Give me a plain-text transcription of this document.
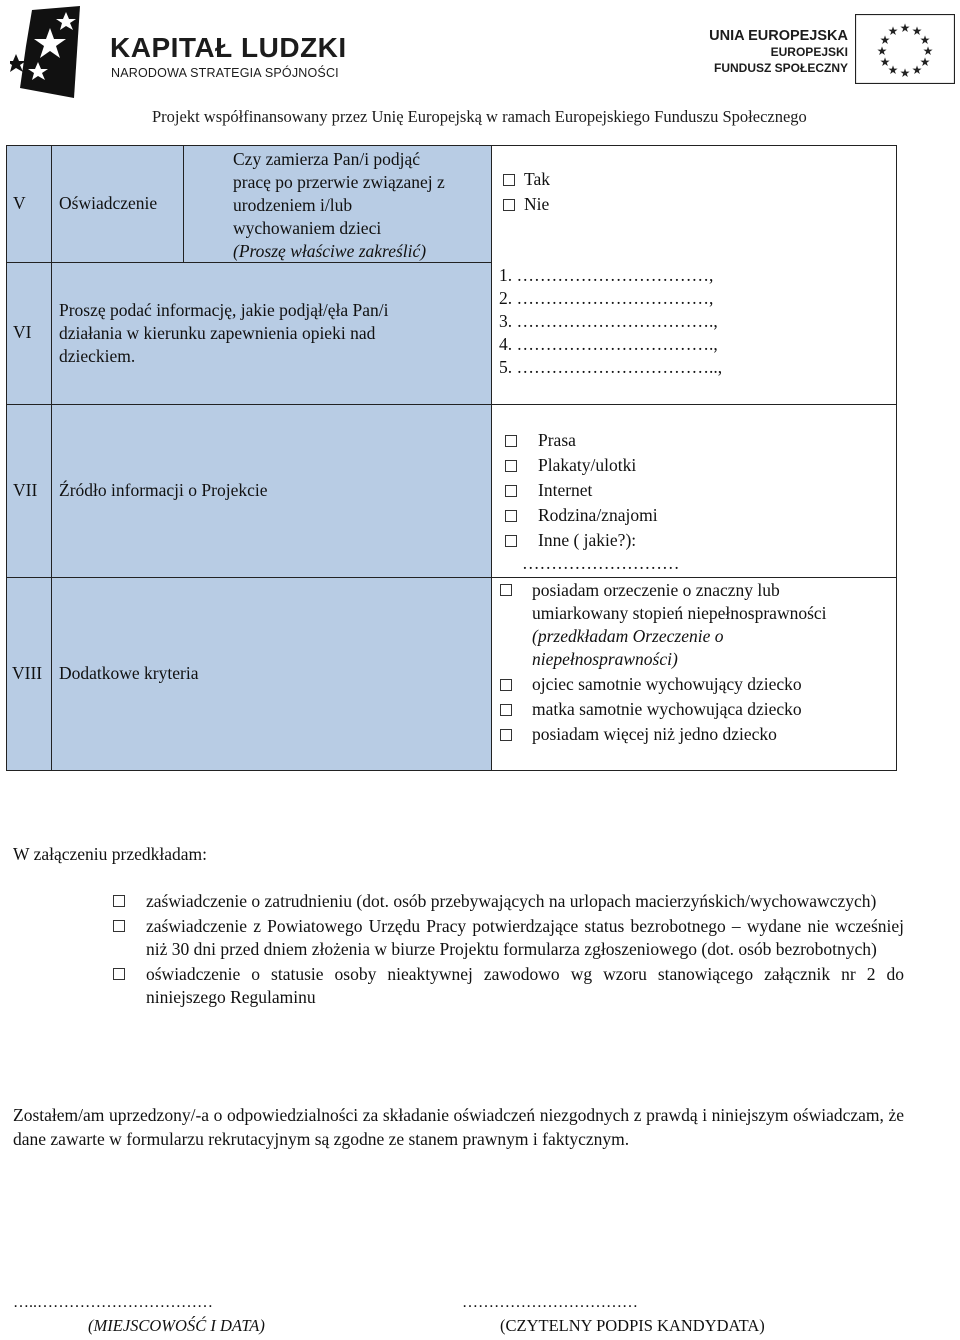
KAPITAŁ LUDZKI
NARODOWA STRATEGIA SPÓJNOŚCI
UNIA EUROPEJSKA
EUROPEJSKI
FUNDUSZ SPOŁECZNY
★ ★
★
★
★
★
★
★
★
★
★
★
Projekt współfinansowany przez Unię Europejską w ramach Europejskiego Funduszu Społecznego
V Oświadczenie
Czy zamierza Pan/i podjąć
pracę po przerwie związanej z
urodzeniem i/lub
wychowaniem dzieci
(Proszę właściwe zakreślić)
VI
Proszę podać informację, jakie podjął/ęła Pan/i
działania w kierunku zapewnienia opieki nad
dzieckiem.
Tak
Nie
1. ……………………………,
2. ……………………………,
3. …………………………….,
4. …………………………….,
5. ……………………………..,
VII Źródło informacji o Projekcie
VIII Dodatkowe kryteria
Prasa
Plakaty/ulotki
Internet
Rodzina/znajomi
Inne ( jakie?):
………………………
posiadam orzeczenie o znaczny lub
umiarkowany stopień niepełnosprawności
(przedkładam Orzeczenie o
niepełnosprawności)
ojciec samotnie wychowujący dziecko
matka samotnie wychowująca dziecko
posiadam więcej niż jedno dziecko
W załączeniu przedkładam:
zaświadczenie o zatrudnieniu (dot. osób przebywających na urlopach macierzyńskich/wychowawczych)
zaświadczenie z Powiatowego Urzędu Pracy potwierdzające status bezrobotnego – wydane nie wcześniej niż 30 dni przed dniem złożenia w biurze Projektu formularza zgłoszeniowego (dot. osób bezrobotnych)
oświadczenie o statusie osoby nieaktywnej zawodowo wg wzoru stanowiącego załącznik nr 2 do niniejszego Regulaminu
Zostałem/am uprzedzony/-a o odpowiedzialności za składanie oświadczeń niezgodnych z prawdą i niniejszym oświadczam, że dane zawarte w formularzu rekrutacyjnym są zgodne ze stanem prawnym i faktycznym.
…..……………………………
(MIEJSCOWOŚĆ I DATA)
……………………………
(CZYTELNY PODPIS KANDYDATA)
